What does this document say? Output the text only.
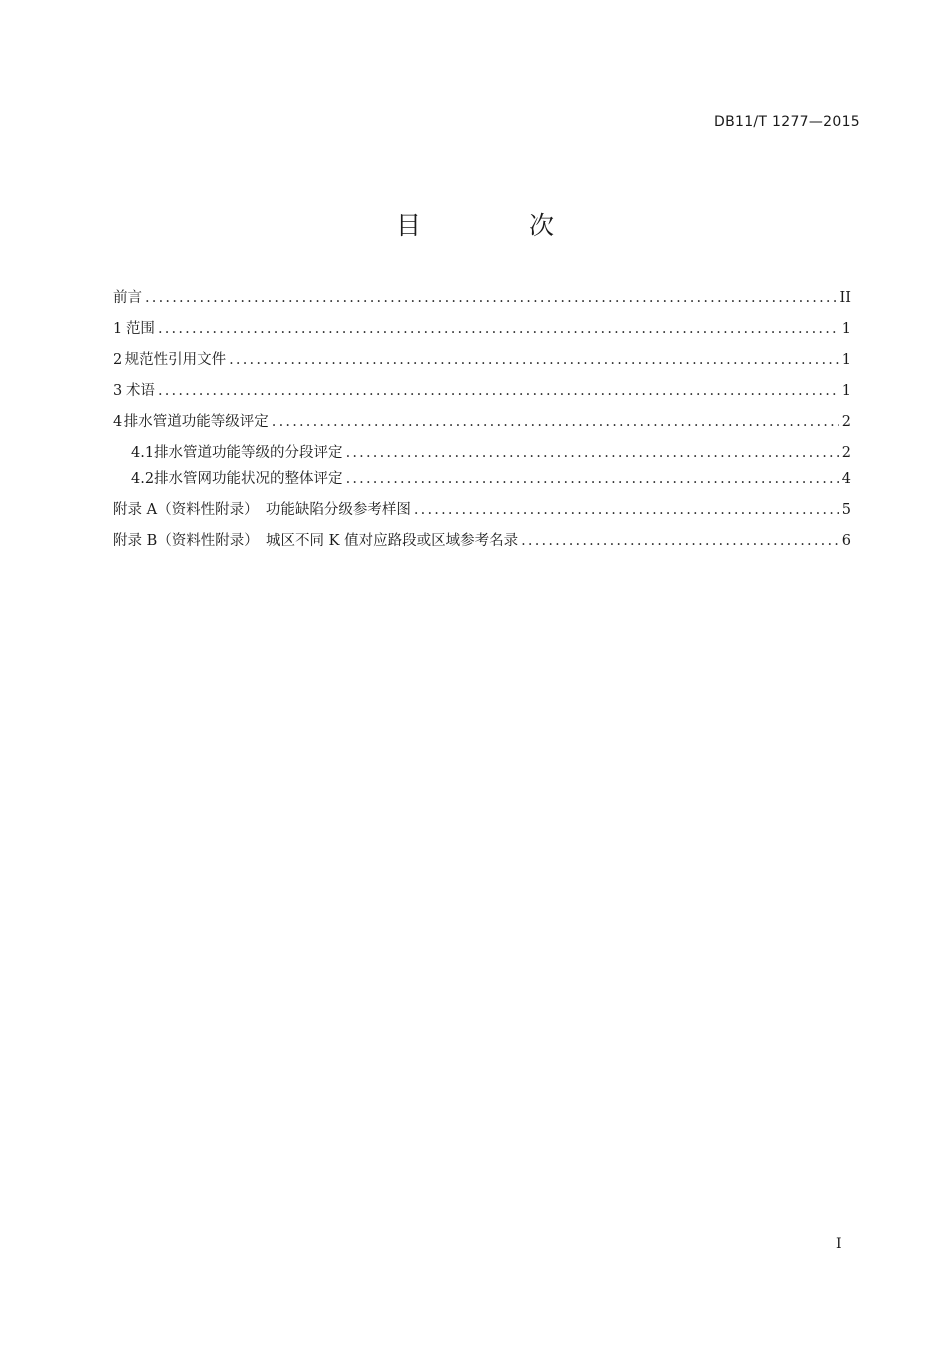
DB11/T 1277—2015
目 次
前言 .....	II
1 范围 .....	1
2 规范性引用文件 .....	1
3 术语 .....	1
4 排水管道功能等级评定 .....	2
4.1 排水管道功能等级的分段评定 .....	2
4.2 排水管网功能状况的整体评定 .....	4
附录 A（资料性附录）　功能缺陷分级参考样图 .....	5
附录 B（资料性附录）　城区不同 K 值对应路段或区域参考名录 .....	6
I
